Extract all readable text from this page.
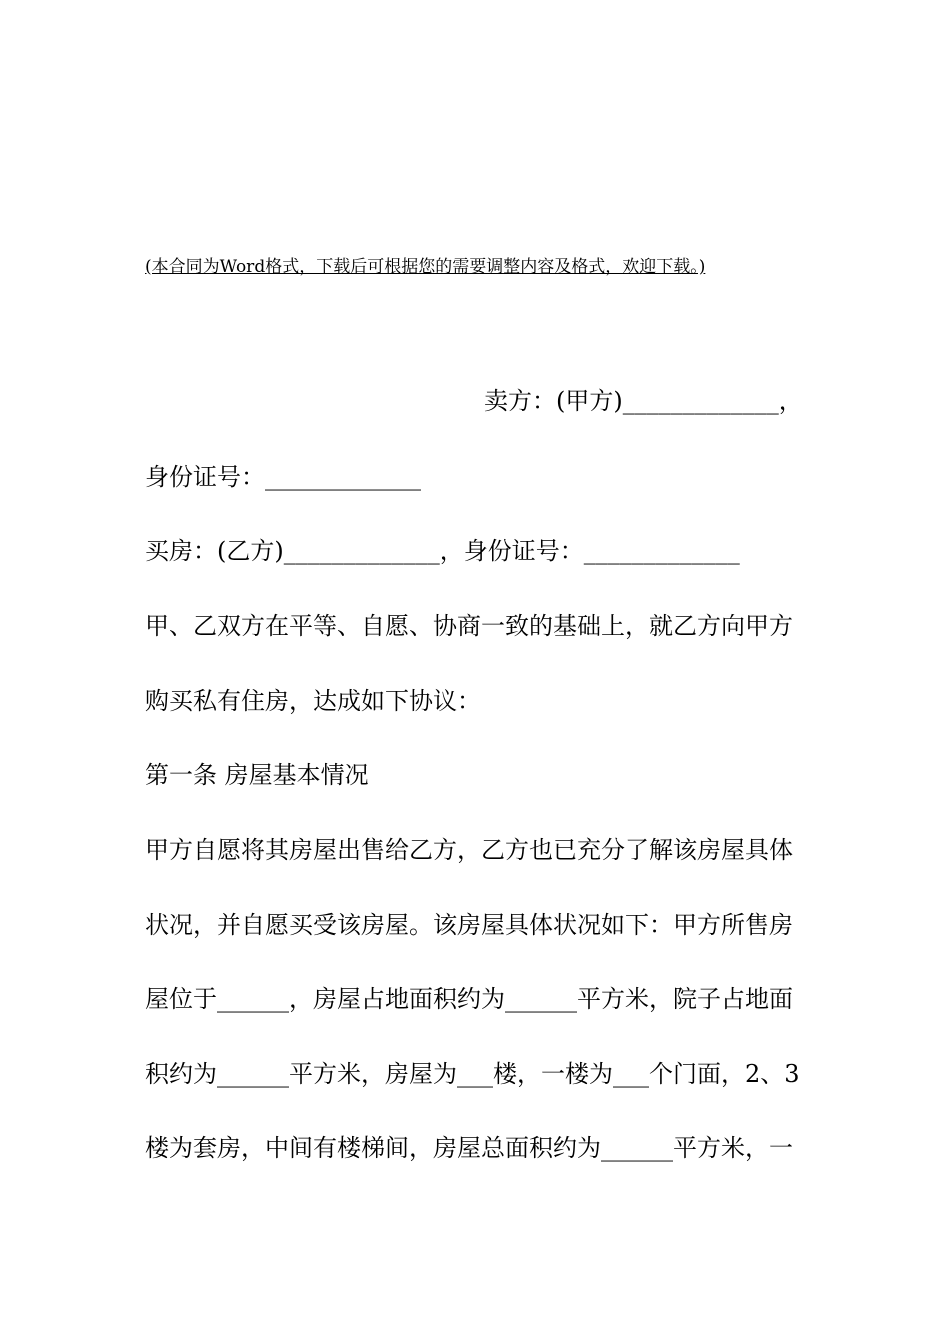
(本合同为Word格式，下载后可根据您的需要调整内容及格式，欢迎下载。)
卖方：(甲方)_____________，
身份证号：_____________
买房：(乙方)_____________，身份证号：_____________
甲、乙双方在平等、自愿、协商一致的基础上，就乙方向甲方
购买私有住房，达成如下协议：
第一条 房屋基本情况
甲方自愿将其房屋出售给乙方，乙方也已充分了解该房屋具体
状况，并自愿买受该房屋。该房屋具体状况如下：甲方所售房
屋位于______，房屋占地面积约为______平方米，院子占地面
积约为______平方米，房屋为___楼，一楼为___个门面，2、3
楼为套房，中间有楼梯间，房屋总面积约为______平方米，一
